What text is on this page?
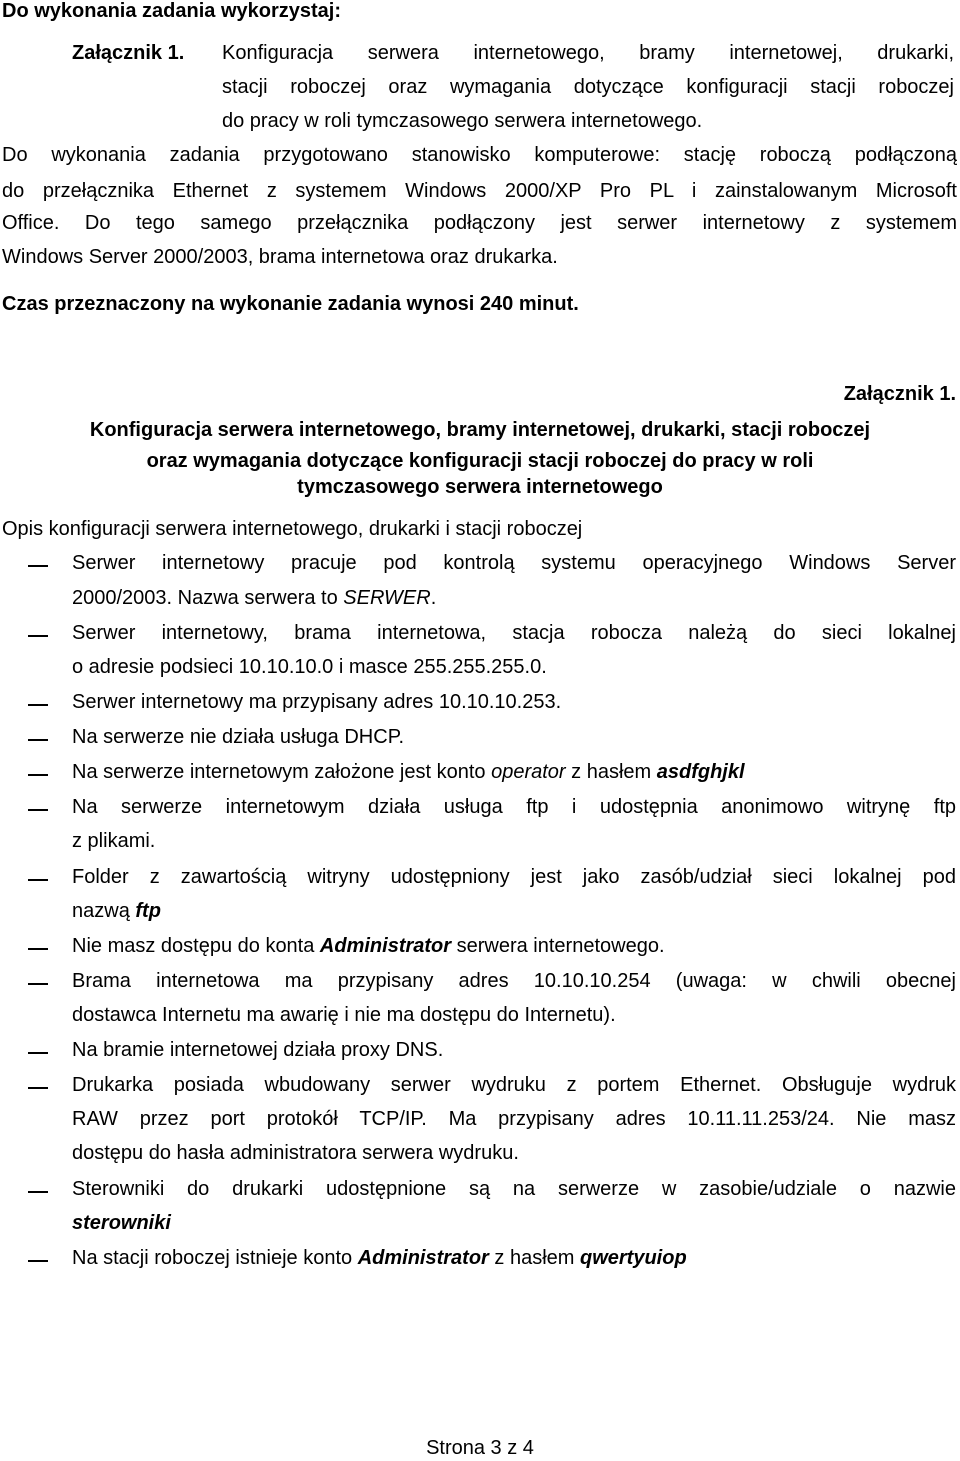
Do wykonania zadania wykorzystaj:
Załącznik 1. Konfiguracja serwera internetowego, bramy internetowej, drukarki,
stacji roboczej oraz wymagania dotyczące konfiguracji stacji roboczej
do pracy w roli tymczasowego serwera internetowego.
Do wykonania zadania przygotowano stanowisko komputerowe: stację roboczą podłączoną
do przełącznika Ethernet z systemem Windows 2000/XP Pro PL i zainstalowanym Microsoft
Office. Do tego samego przełącznika podłączony jest serwer internetowy z systemem
Windows Server 2000/2003, brama internetowa oraz drukarka.
Czas przeznaczony na wykonanie zadania wynosi 240 minut.
Załącznik 1.
Konfiguracja serwera internetowego, bramy internetowej, drukarki, stacji roboczej
oraz wymagania dotyczące konfiguracji stacji roboczej do pracy w roli
tymczasowego serwera internetowego
Opis konfiguracji serwera internetowego, drukarki i stacji roboczej
Serwer internetowy pracuje pod kontrolą systemu operacyjnego Windows Server
2000/2003. Nazwa serwera to SERWER.
Serwer internetowy, brama internetowa, stacja robocza należą do sieci lokalnej
o adresie podsieci 10.10.10.0 i masce 255.255.255.0.
Serwer internetowy ma przypisany adres 10.10.10.253.
Na serwerze nie działa usługa DHCP.
Na serwerze internetowym założone jest konto operator z hasłem asdfghjkl
Na serwerze internetowym działa usługa ftp i udostępnia anonimowo witrynę ftp
z plikami.
Folder z zawartością witryny udostępniony jest jako zasób/udział sieci lokalnej pod
nazwą ftp
Nie masz dostępu do konta Administrator serwera internetowego.
Brama internetowa ma przypisany adres 10.10.10.254 (uwaga: w chwili obecnej
dostawca Internetu ma awarię i nie ma dostępu do Internetu).
Na bramie internetowej działa proxy DNS.
Drukarka posiada wbudowany serwer wydruku z portem Ethernet. Obsługuje wydruk
RAW przez port protokół TCP/IP. Ma przypisany adres 10.11.11.253/24. Nie masz
dostępu do hasła administratora serwera wydruku.
Sterowniki do drukarki udostępnione są na serwerze w zasobie/udziale o nazwie
sterowniki
Na stacji roboczej istnieje konto Administrator z hasłem qwertyuiop
Strona 3 z 4
